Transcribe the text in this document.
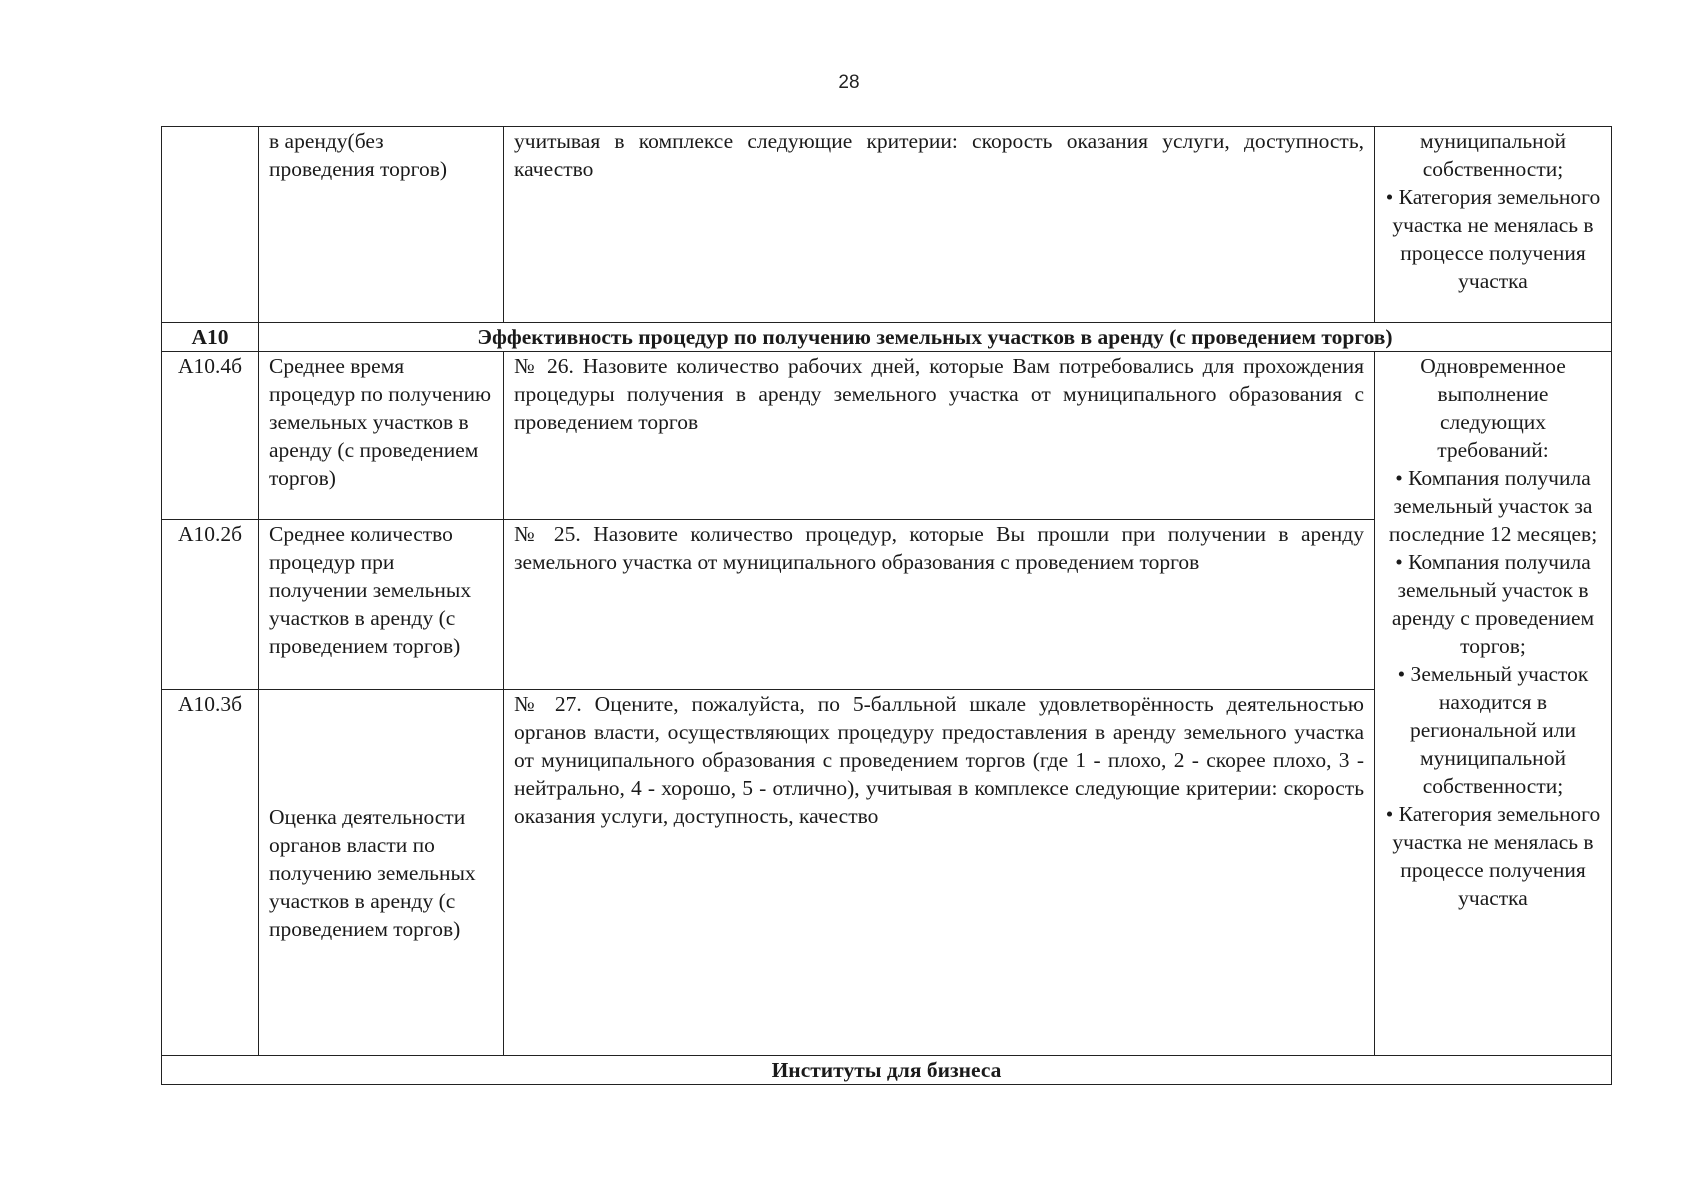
28
	в аренду(без проведения торгов)	учитывая в комплексе следующие критерии: скорость оказания услуги, доступность, качество	муниципальной собственности;
• Категория земельного участка не менялась в процессе получения участка

А10	Эффективность процедур по получению земельных участков в аренду (с проведением торгов)		
А10.4б	Среднее время процедур по получению земельных участков в аренду (с проведением торгов)	№ 26. Назовите количество рабочих дней, которые Вам потребовались для прохождения процедуры получения в аренду земельного участка от муниципального образования с проведением торгов	Одновременное выполнение следующих требований:
• Компания получила земельный участок за последние 12 месяцев;
• Компания получила земельный участок в аренду с проведением торгов;
• Земельный участок находится в региональной или муниципальной собственности;
• Категория земельного участка не менялась в процессе получения участка

А10.2б	Среднее количество процедур при получении земельных участков в аренду (с проведением торгов)	№ 25. Назовите количество процедур, которые Вы прошли при получении в аренду земельного участка от муниципального образования с проведением торгов	
А10.3б	Оценка деятельности органов власти по получению земельных участков в аренду (с проведением торгов)	№ 27. Оцените, пожалуйста, по 5-балльной шкале удовлетворённость деятельностью органов власти, осуществляющих процедуру предоставления в аренду земельного участка от муниципального образования с проведением торгов (где 1 - плохо, 2 - скорее плохо, 3 - нейтрально, 4 - хорошо, 5 - отлично), учитывая в комплексе следующие критерии: скорость оказания услуги, доступность, качество	
Институты для бизнеса			
